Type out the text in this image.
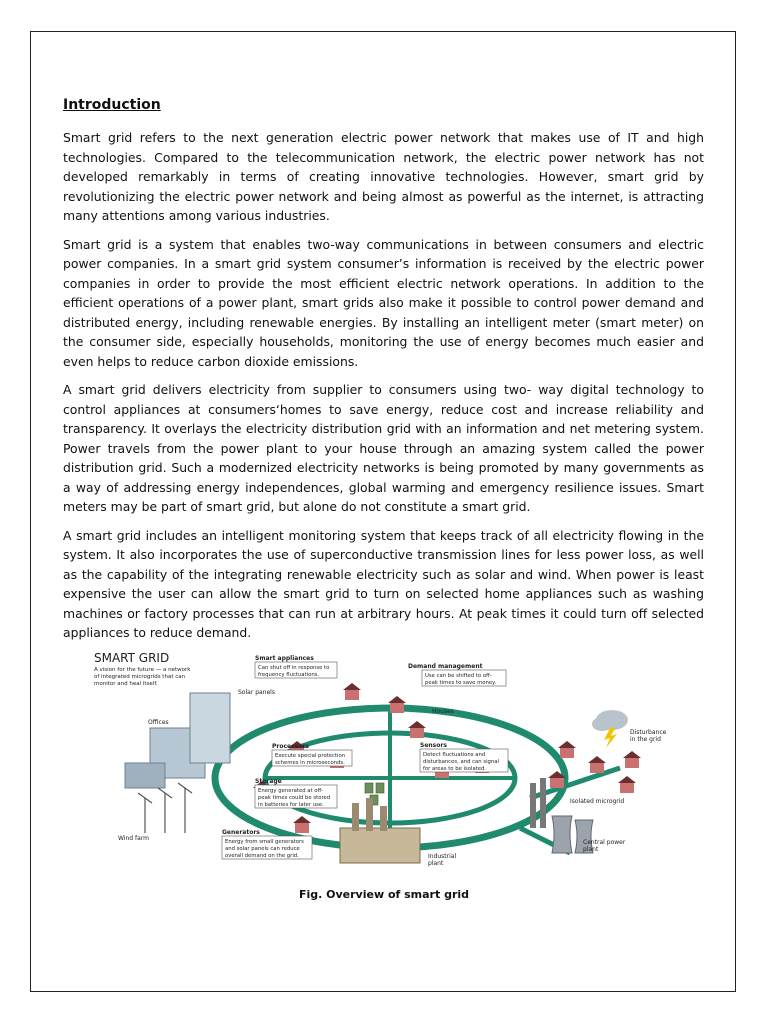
Introduction

Smart grid refers to the next generation electric power network that makes use of IT and high technologies. Compared to the telecommunication network, the electric power network has not developed remarkably in terms of creating innovative technologies. However, smart grid by revolutionizing the electric power network and being almost as powerful as the internet, is attracting many attentions among various industries.

Smart grid is a system that enables two-way communications in between consumers and electric power companies. In a smart grid system consumer’s information is received by the electric power companies in order to provide the most efficient electric network operations. In addition to the efficient operations of a power plant, smart grids also make it possible to control power demand and distributed energy, including renewable energies. By installing an intelligent meter (smart meter) on the consumer side, especially households, monitoring the use of energy becomes much easier and even helps to reduce carbon dioxide emissions.

A smart grid delivers electricity from supplier to consumers using two- way digital technology to control appliances at consumers‘homes to save energy, reduce cost and increase reliability and transparency. It overlays the electricity distribution grid with an information and net metering system. Power travels from the power plant to your house through an amazing system called the power distribution grid. Such a modernized electricity networks is being promoted by many governments as a way of addressing energy independences, global warming and emergency resilience issues. Smart meters may be part of smart grid, but alone do not constitute a smart grid.

A smart grid includes an intelligent monitoring system that keeps track of all electricity flowing in the system. It also incorporates the use of superconductive transmission lines for less power loss, as well as the capability of the integrating renewable electricity such as solar and wind. When power is least expensive the user can allow the smart grid to turn on selected home appliances such as washing machines or factory processes that can run at arbitrary hours. At peak times it could turn off selected appliances to reduce demand.

SMART GRID
A vision for the future — a network
of integrated microgrids that can
monitor and heal itself.
Offices
Solar panels
Wind farm
Houses
Smart appliances
Can shut off in response to
frequency fluctuations.
Demand management
Use can be shifted to off-
peak times to save money.
Processors
Execute special protection
schemes in microseconds.
Sensors
Detect fluctuations and
disturbances, and can signal
for areas to be isolated.
Storage
Energy generated at off-
peak times could be stored
in batteries for later use.
Generators
Energy from small generators
and solar panels can reduce
overall demand on the grid.	Industrial
plant
Central power
plant
Disturbance
in the grid
Isolated microgrid
Fig. Overview of smart grid
